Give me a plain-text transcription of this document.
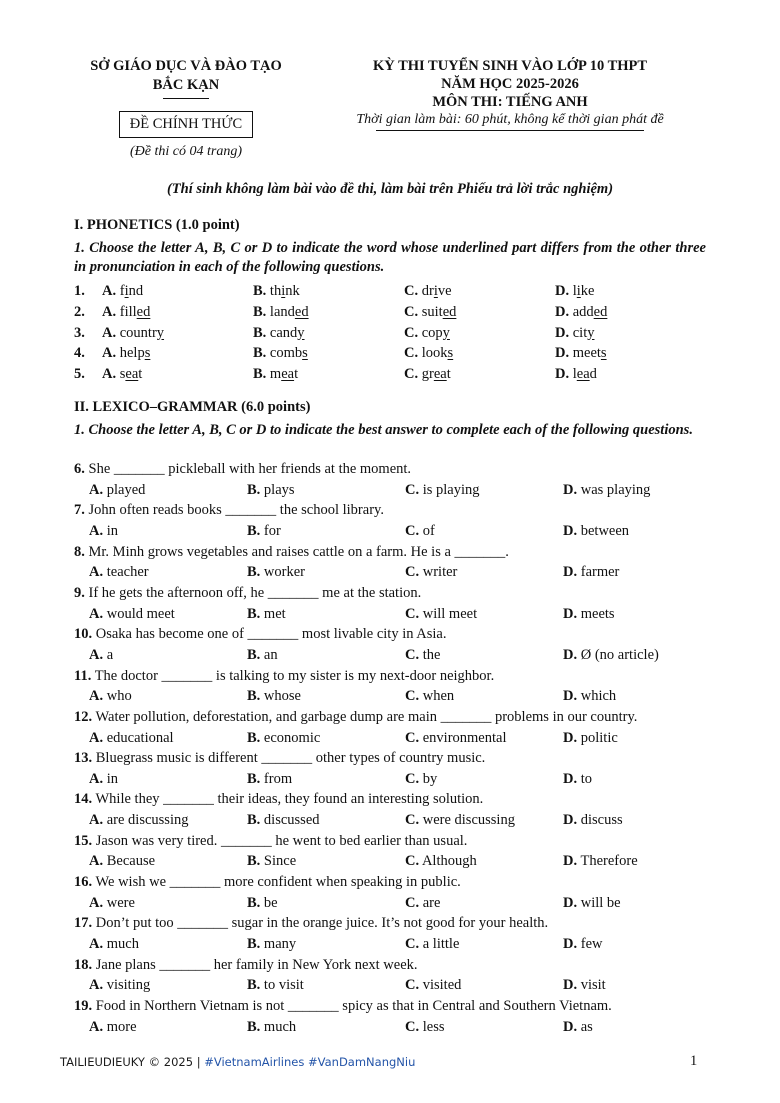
SỞ GIÁO DỤC VÀ ĐÀO TẠO
BẮC KẠN
ĐỀ CHÍNH THỨC
(Đề thi có 04 trang)
KỲ THI TUYỂN SINH VÀO LỚP 10 THPT
NĂM HỌC 2025-2026
MÔN THI: TIẾNG ANH
Thời gian làm bài: 60 phút, không kể thời gian phát đề
(Thí sinh không làm bài vào đề thi, làm bài trên Phiếu trả lời trắc nghiệm)
I. PHONETICS (1.0 point)
1. Choose the letter A, B, C or D to indicate the word whose underlined part differs from the other three in pronunciation in each of the following questions.
1. A. find	B. think	C. drive	D. like
2. A. filled	B. landed	C. suited	D. added
3. A. country	B. candy	C. copy	D. city
4. A. helps	B. combs	C. looks	D. meets
5. A. seat	B. meat	C. great	D. lead
II. LEXICO–GRAMMAR (6.0 points)
1. Choose the letter A, B, C or D to indicate the best answer to complete each of the following questions.
6. She _______ pickleball with her friends at the moment.
A. played	B. plays	C. is playing	D. was playing
7. John often reads books _______ the school library.
A. in	B. for	C. of	D. between
8. Mr. Minh grows vegetables and raises cattle on a farm. He is a _______.
A. teacher	B. worker	C. writer	D. farmer
9. If he gets the afternoon off, he _______ me at the station.
A. would meet	B. met	C. will meet	D. meets
10. Osaka has become one of _______ most livable city in Asia.
A. a	B. an	C. the	D. Ø (no article)
11. The doctor _______ is talking to my sister is my next-door neighbor.
A. who	B. whose	C. when	D. which
12. Water pollution, deforestation, and garbage dump are main _______ problems in our country.
A. educational	B. economic	C. environmental	D. politic
13. Bluegrass music is different _______ other types of country music.
A. in	B. from	C. by	D. to
14. While they _______ their ideas, they found an interesting solution.
A. are discussing	B. discussed	C. were discussing	D. discuss
15. Jason was very tired. _______ he went to bed earlier than usual.
A. Because	B. Since	C. Although	D. Therefore
16. We wish we _______ more confident when speaking in public.
A. were	B. be	C. are	D. will be
17. Don’t put too _______ sugar in the orange juice. It’s not good for your health.
A. much	B. many	C. a little	D. few
18. Jane plans _______ her family in New York next week.
A. visiting	B. to visit	C. visited	D. visit
19. Food in Northern Vietnam is not _______ spicy as that in Central and Southern Vietnam.
A. more	B. much	C. less	D. as
TAILIEUDIEUKY © 2025 | #VietnamAirlines #VanDamNangNiu	1
